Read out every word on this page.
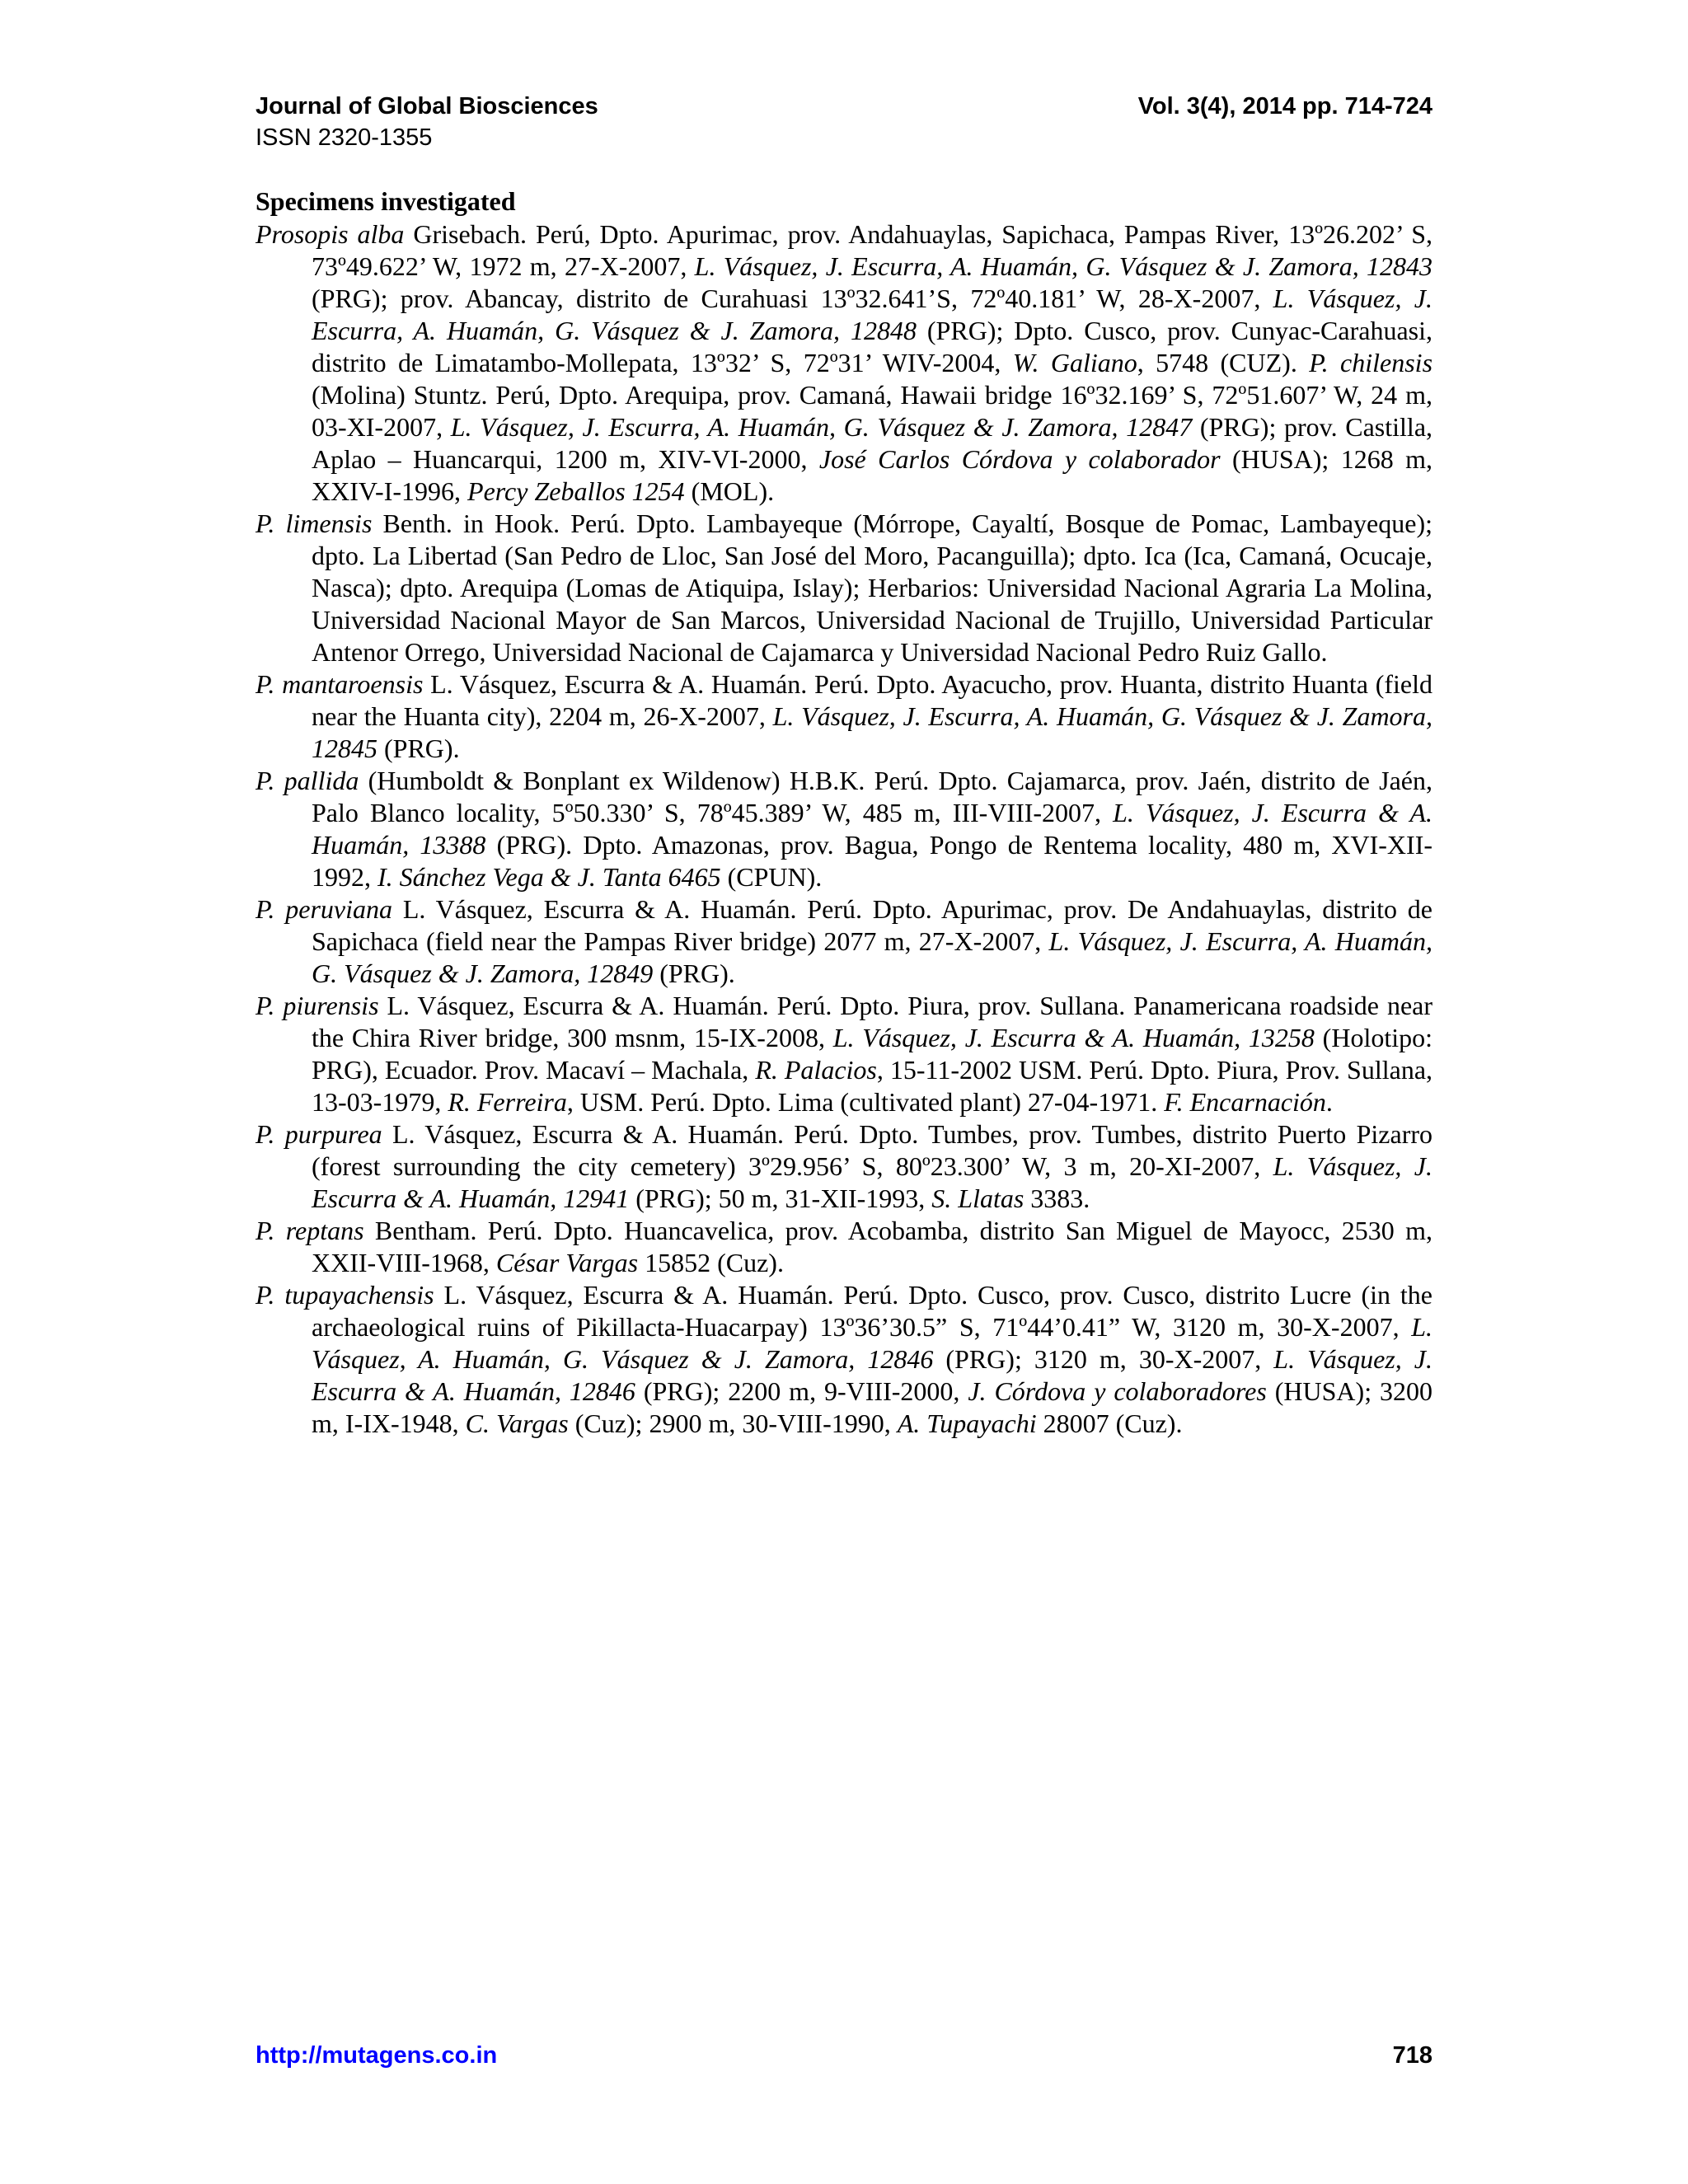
Journal of Global Biosciences	Vol. 3(4), 2014 pp. 714-724
ISSN 2320-1355
Specimens investigated

Prosopis alba Grisebach. Perú, Dpto. Apurimac, prov. Andahuaylas, Sapichaca, Pampas River, 13º26.202’ S, 73º49.622’ W, 1972 m, 27-X-2007, L. Vásquez, J. Escurra, A. Huamán, G. Vásquez & J. Zamora, 12843 (PRG); prov. Abancay, distrito de Curahuasi 13º32.641’S, 72º40.181’ W, 28-X-2007, L. Vásquez, J. Escurra, A. Huamán, G. Vásquez & J. Zamora, 12848 (PRG); Dpto. Cusco, prov. Cunyac-Carahuasi, distrito de Limatambo-Mollepata, 13º32’ S, 72º31’ WIV-2004, W. Galiano, 5748 (CUZ). P. chilensis (Molina) Stuntz. Perú, Dpto. Arequipa, prov. Camaná, Hawaii bridge 16º32.169’ S, 72º51.607’ W, 24 m, 03-XI-2007, L. Vásquez, J. Escurra, A. Huamán, G. Vásquez & J. Zamora, 12847 (PRG); prov. Castilla, Aplao – Huancarqui, 1200 m, XIV-VI-2000, José Carlos Córdova y colaborador (HUSA); 1268 m, XXIV-I-1996, Percy Zeballos 1254 (MOL).

P. limensis Benth. in Hook. Perú. Dpto. Lambayeque (Mórrope, Cayaltí, Bosque de Pomac, Lambayeque); dpto. La Libertad (San Pedro de Lloc, San José del Moro, Pacanguilla); dpto. Ica (Ica, Camaná, Ocucaje, Nasca); dpto. Arequipa (Lomas de Atiquipa, Islay); Herbarios: Universidad Nacional Agraria La Molina, Universidad Nacional Mayor de San Marcos, Universidad Nacional de Trujillo, Universidad Particular Antenor Orrego, Universidad Nacional de Cajamarca y Universidad Nacional Pedro Ruiz Gallo.

P. mantaroensis L. Vásquez, Escurra & A. Huamán. Perú. Dpto. Ayacucho, prov. Huanta, distrito Huanta (field near the Huanta city), 2204 m, 26-X-2007, L. Vásquez, J. Escurra, A. Huamán, G. Vásquez & J. Zamora, 12845 (PRG).

P. pallida (Humboldt & Bonplant ex Wildenow) H.B.K. Perú. Dpto. Cajamarca, prov. Jaén, distrito de Jaén, Palo Blanco locality, 5º50.330’ S, 78º45.389’ W, 485 m, III-VIII-2007, L. Vásquez, J. Escurra & A. Huamán, 13388 (PRG). Dpto. Amazonas, prov. Bagua, Pongo de Rentema locality, 480 m, XVI-XII-1992, I. Sánchez Vega & J. Tanta 6465 (CPUN).

P. peruviana L. Vásquez, Escurra & A. Huamán. Perú. Dpto. Apurimac, prov. De Andahuaylas, distrito de Sapichaca (field near the Pampas River bridge) 2077 m, 27-X-2007, L. Vásquez, J. Escurra, A. Huamán, G. Vásquez & J. Zamora, 12849 (PRG).

P. piurensis L. Vásquez, Escurra & A. Huamán. Perú. Dpto. Piura, prov. Sullana. Panamericana roadside near the Chira River bridge, 300 msnm, 15-IX-2008, L. Vásquez, J. Escurra & A. Huamán, 13258 (Holotipo: PRG), Ecuador. Prov. Macaví – Machala, R. Palacios, 15-11-2002 USM. Perú. Dpto. Piura, Prov. Sullana, 13-03-1979, R. Ferreira, USM. Perú. Dpto. Lima (cultivated plant) 27-04-1971. F. Encarnación.

P. purpurea L. Vásquez, Escurra & A. Huamán. Perú. Dpto. Tumbes, prov. Tumbes, distrito Puerto Pizarro (forest surrounding the city cemetery) 3º29.956’ S, 80º23.300’ W, 3 m, 20-XI-2007, L. Vásquez, J. Escurra & A. Huamán, 12941 (PRG); 50 m, 31-XII-1993, S. Llatas 3383.

P. reptans Bentham. Perú. Dpto. Huancavelica, prov. Acobamba, distrito San Miguel de Mayocc, 2530 m, XXII-VIII-1968, César Vargas 15852 (Cuz).

P. tupayachensis L. Vásquez, Escurra & A. Huamán. Perú. Dpto. Cusco, prov. Cusco, distrito Lucre (in the archaeological ruins of Pikillacta-Huacarpay) 13º36’30.5” S, 71º44’0.41” W, 3120 m, 30-X-2007, L. Vásquez, A. Huamán, G. Vásquez & J. Zamora, 12846 (PRG); 3120 m, 30-X-2007, L. Vásquez, J. Escurra & A. Huamán, 12846 (PRG); 2200 m, 9-VIII-2000, J. Córdova y colaboradores (HUSA); 3200 m, I-IX-1948, C. Vargas (Cuz); 2900 m, 30-VIII-1990, A. Tupayachi 28007 (Cuz).

http://mutagens.co.in	718
